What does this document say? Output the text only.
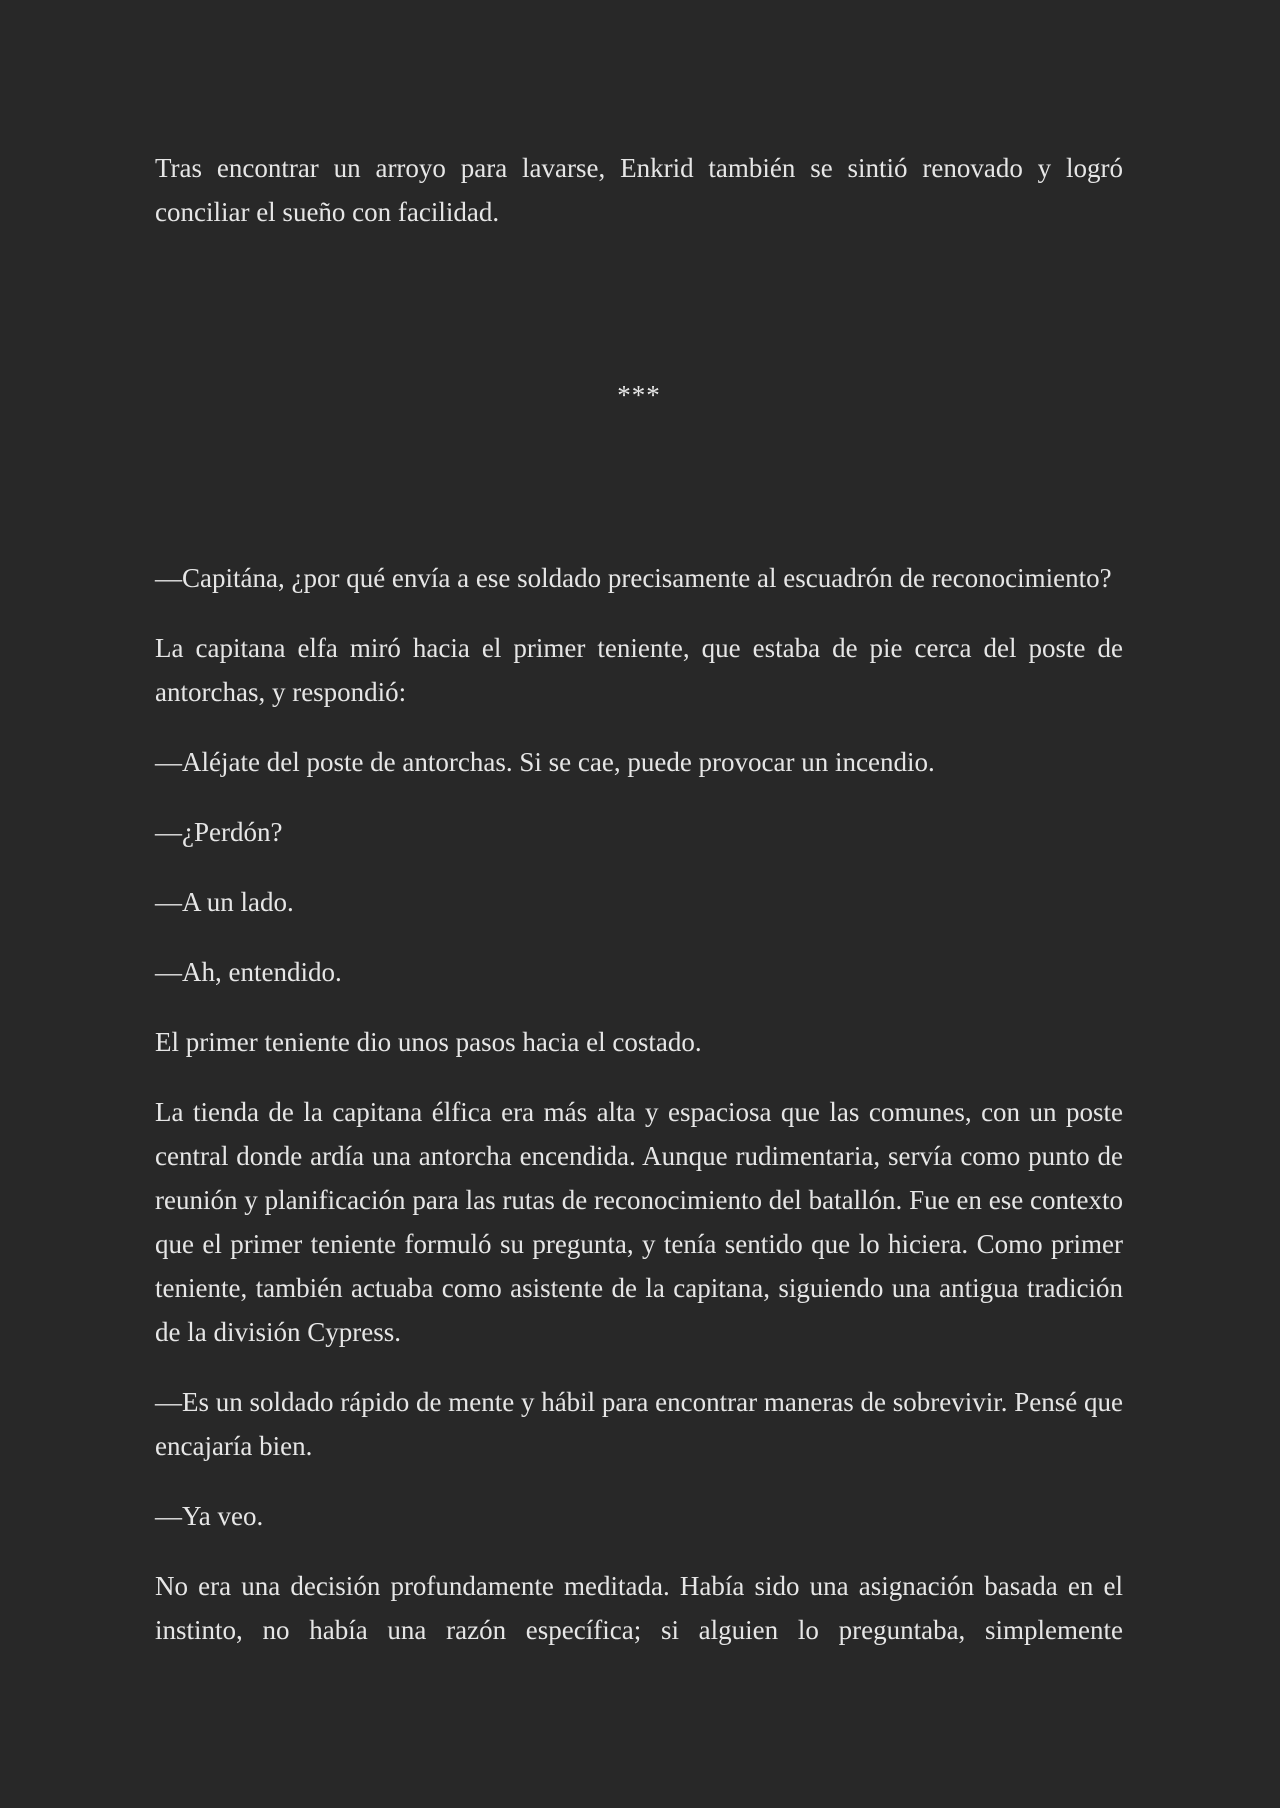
Tras encontrar un arroyo para lavarse, Enkrid también se sintió renovado y logró conciliar el sueño con facilidad.

***

—Capitána, ¿por qué envía a ese soldado precisamente al escuadrón de reconocimiento?

La capitana elfa miró hacia el primer teniente, que estaba de pie cerca del poste de antorchas, y respondió:

—Aléjate del poste de antorchas. Si se cae, puede provocar un incendio.

—¿Perdón?

—A un lado.

—Ah, entendido.

El primer teniente dio unos pasos hacia el costado.

La tienda de la capitana élfica era más alta y espaciosa que las comunes, con un poste central donde ardía una antorcha encendida. Aunque rudimentaria, servía como punto de reunión y planificación para las rutas de reconocimiento del batallón. Fue en ese contexto que el primer teniente formuló su pregunta, y tenía sentido que lo hiciera. Como primer teniente, también actuaba como asistente de la capitana, siguiendo una antigua tradición de la división Cypress.

—Es un soldado rápido de mente y hábil para encontrar maneras de sobrevivir. Pensé que encajaría bien.

—Ya veo.

No era una decisión profundamente meditada. Había sido una asignación basada en el instinto, no había una razón específica; si alguien lo preguntaba, simplemente
